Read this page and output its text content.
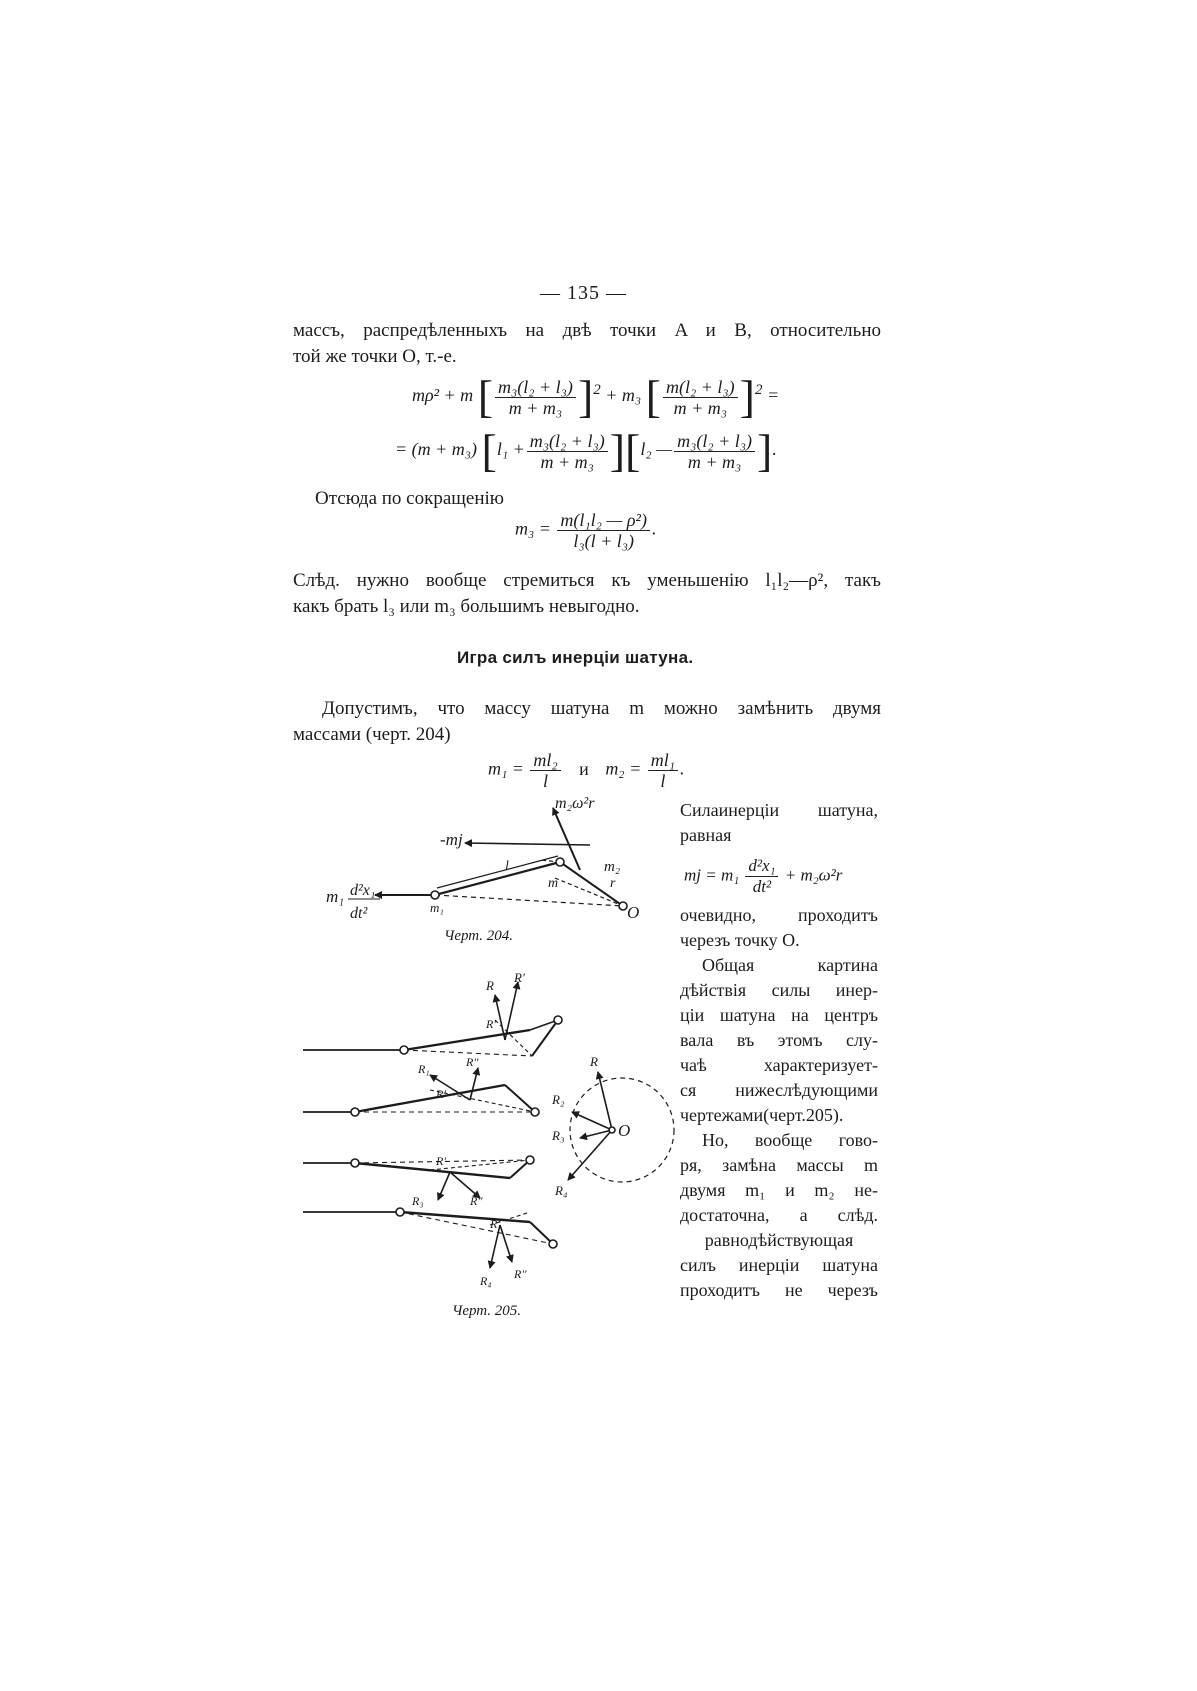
— 135 —
массъ, распредѣленныхъ на двѣ точки A и B, относительно
той же точки O, т.-е.
mρ² + m [ $\frac{\text{m₃(l₂ + l₃)}}{\text{m + m₃}} ]^2 + m_3$ [ $\frac{\text{m(l₂ + l₃)}}{\text{m + m₃}} ]^2$ =
= (m + m₃) $[l_1 + \frac{\text{m₃(l₂ + l₃)}}{\text{m + m₃}} ][l_2$ — $\frac{\text{m₃(l₂ + l₃)}}{\text{m + m₃}}$ ].
Отсюда по сокращенію
$m_3 = \frac{\text{m(l₁l₂ — ρ²)}}{\text{l₃(l + l₃)}}$ .
Слѣд. нужно вообще стремиться къ уменьшенію l₁l₂—ρ², такъ
какъ брать l₃ или m₃ большимъ невыгодно.
Игра силъ инерціи шатуна.
Допустимъ, что массу шатуна m можно замѣнить двумя
массами (черт. 204)
$m_1 = \frac{\text{ml₂}}{l}$ и $m_2 = \frac{\text{ml₁}}{l}$ .
Силаинерціи шатуна,
равная
mj = $m_1 \frac{\text{d²x₁}}{\text{dt²}} + m_2\omega^2r$
очевидно, проходитъ
черезъ точку O.
Общая картина
дѣйствія силы инер-
ціи шатуна на центръ
вала въ этомъ слу-
чаѣ характеризует-
ся нижеслѣдующими
чертежами(черт.205).
Но, вообще гово-
ря, замѣна массы m
двумя m₁ и m₂ не-
достаточна, а слѣд.
равнодѣйствующая
силъ инерціи шатуна
проходитъ не черезъ
m₂ω²r
-mj
l
m
m₂
r
m₁
m₁ d²x₁
dt²	O
Черт. 204.
R
R'
R'
R₁	R''
R'
R'
R₃	R''
R'
R₄ R''
R
R₂
R₃
R₄
O
Черт. 205.
